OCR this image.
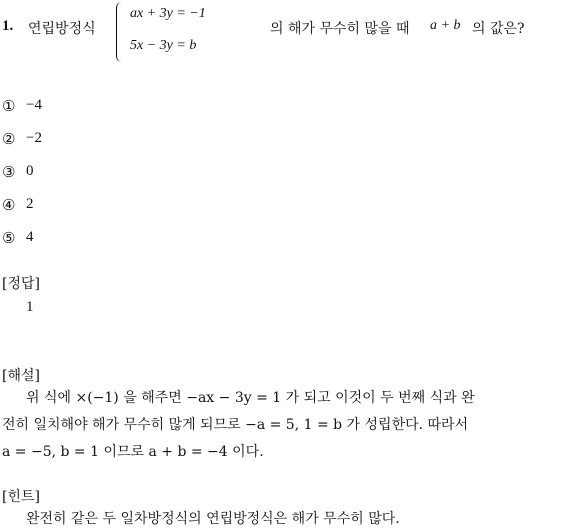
1. 연립방정식
ax + 3y = −1
5x − 3y = b
의 해가 무수히 많을 때 a + b 의 값은?
① −4
② −2
③ 0
④ 2
⑤ 4
[정답]
1
[해설]
위 식에 ×(−1) 을 해주면 −ax − 3y = 1 가 되고 이것이 두 번째 식과 완
전히 일치해야 해가 무수히 많게 되므로 −a = 5, 1 = b 가 성립한다. 따라서
a = −5, b = 1 이므로 a + b = −4 이다.
[힌트]
완전히 같은 두 일차방정식의 연립방정식은 해가 무수히 많다.
